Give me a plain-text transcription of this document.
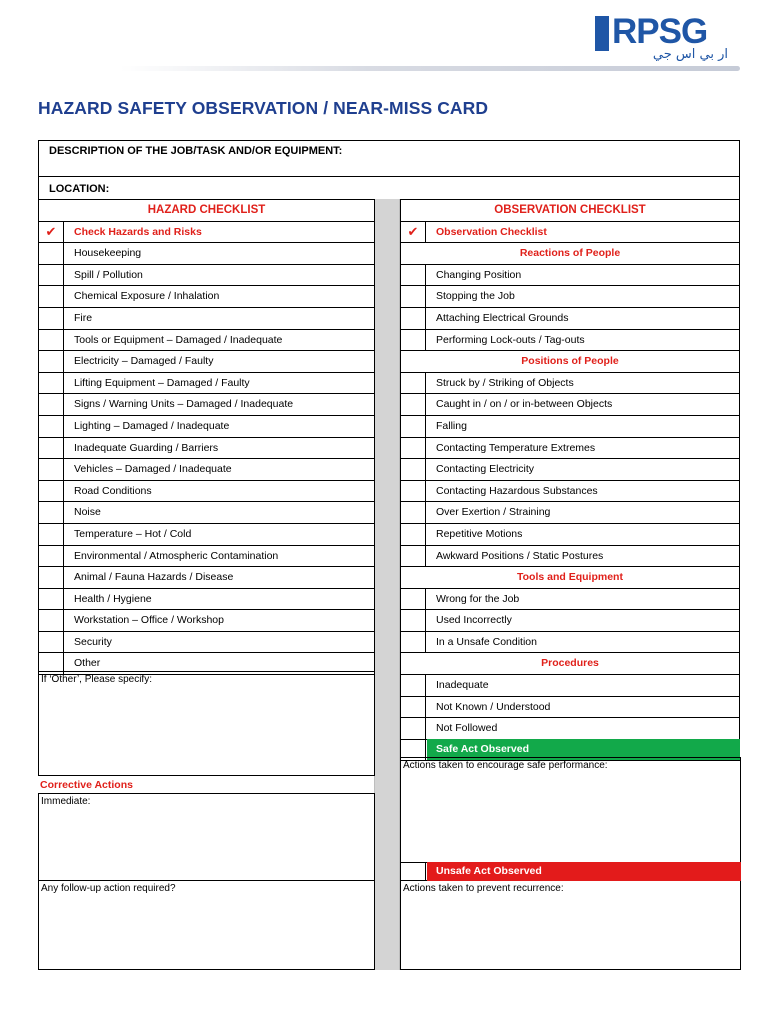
RPSG
ار بي اس جي
HAZARD SAFETY OBSERVATION / NEAR-MISS CARD
DESCRIPTION OF THE JOB/TASK AND/OR EQUIPMENT:
LOCATION:
HAZARD CHECKLIST
✔	Check Hazards and Risks
Housekeeping
Spill / Pollution
Chemical Exposure / Inhalation
Fire
Tools or Equipment – Damaged / Inadequate
Electricity – Damaged / Faulty
Lifting Equipment – Damaged / Faulty
Signs / Warning Units – Damaged / Inadequate
Lighting – Damaged / Inadequate
Inadequate Guarding / Barriers
Vehicles – Damaged / Inadequate
Road Conditions
Noise
Temperature – Hot / Cold
Environmental / Atmospheric Contamination
Animal / Fauna Hazards / Disease
Health / Hygiene
Workstation – Office / Workshop
Security
Other
If ‘Other’, Please specify:
Corrective Actions
Immediate:
Any follow-up action required?
OBSERVATION CHECKLIST
✔	Observation Checklist
Reactions of People
Changing Position
Stopping the Job
Attaching Electrical Grounds
Performing Lock-outs / Tag-outs
Positions of People
Struck by / Striking of Objects
Caught in / on / or in-between Objects
Falling
Contacting Temperature Extremes
Contacting Electricity
Contacting Hazardous Substances
Over Exertion / Straining
Repetitive Motions
Awkward Positions / Static Postures
Tools and Equipment
Wrong for the Job
Used Incorrectly
In a Unsafe Condition
Procedures
Inadequate
Not Known / Understood
Not Followed
Safe Act Observed
Actions taken to encourage safe performance:
Actions taken to prevent recurrence:
Unsafe Act Observed
